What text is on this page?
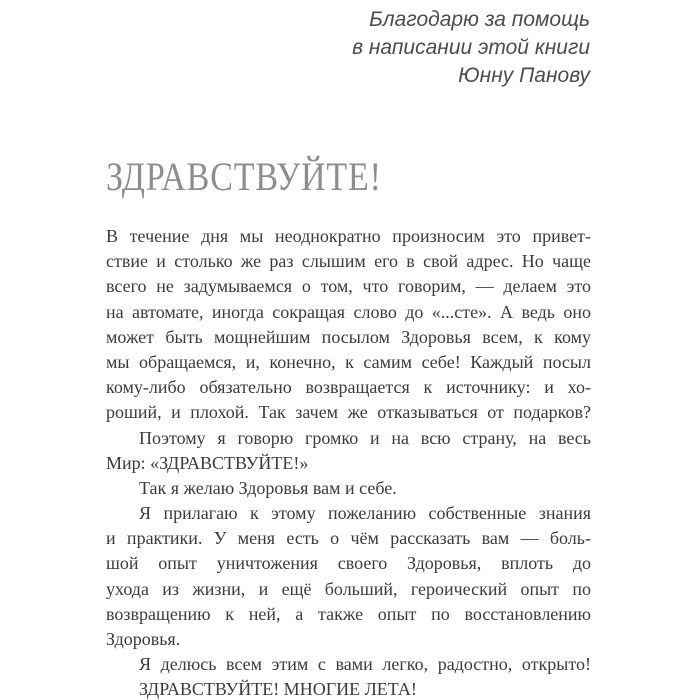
Благодарю за помощь
в написании этой книги
Юнну Панову
ЗДРАВСТВУЙТЕ!
В течение дня мы неоднократно произносим это привет-
ствие и столько же раз слышим его в свой адрес. Но чаще
всего не задумываемся о том, что говорим, — делаем это
на автомате, иногда сокращая слово до «...сте». А ведь оно
может быть мощнейшим посылом Здоровья всем, к кому
мы обращаемся, и, конечно, к самим себе! Каждый посыл
кому-либо обязательно возвращается к источнику: и хо-
роший, и плохой. Так зачем же отказываться от подарков?
Поэтому я говорю громко и на всю страну, на весь
Мир: «ЗДРАВСТВУЙТЕ!»
Так я желаю Здоровья вам и себе.
Я прилагаю к этому пожеланию собственные знания
и практики. У меня есть о чём рассказать вам — боль-
шой опыт уничтожения своего Здоровья, вплоть до
ухода из жизни, и ещё больший, героический опыт по
возвращению к ней, а также опыт по восстановлению
Здоровья.
Я делюсь всем этим с вами легко, радостно, открыто!
ЗДРАВСТВУЙТЕ! МНОГИЕ ЛЕТА!
